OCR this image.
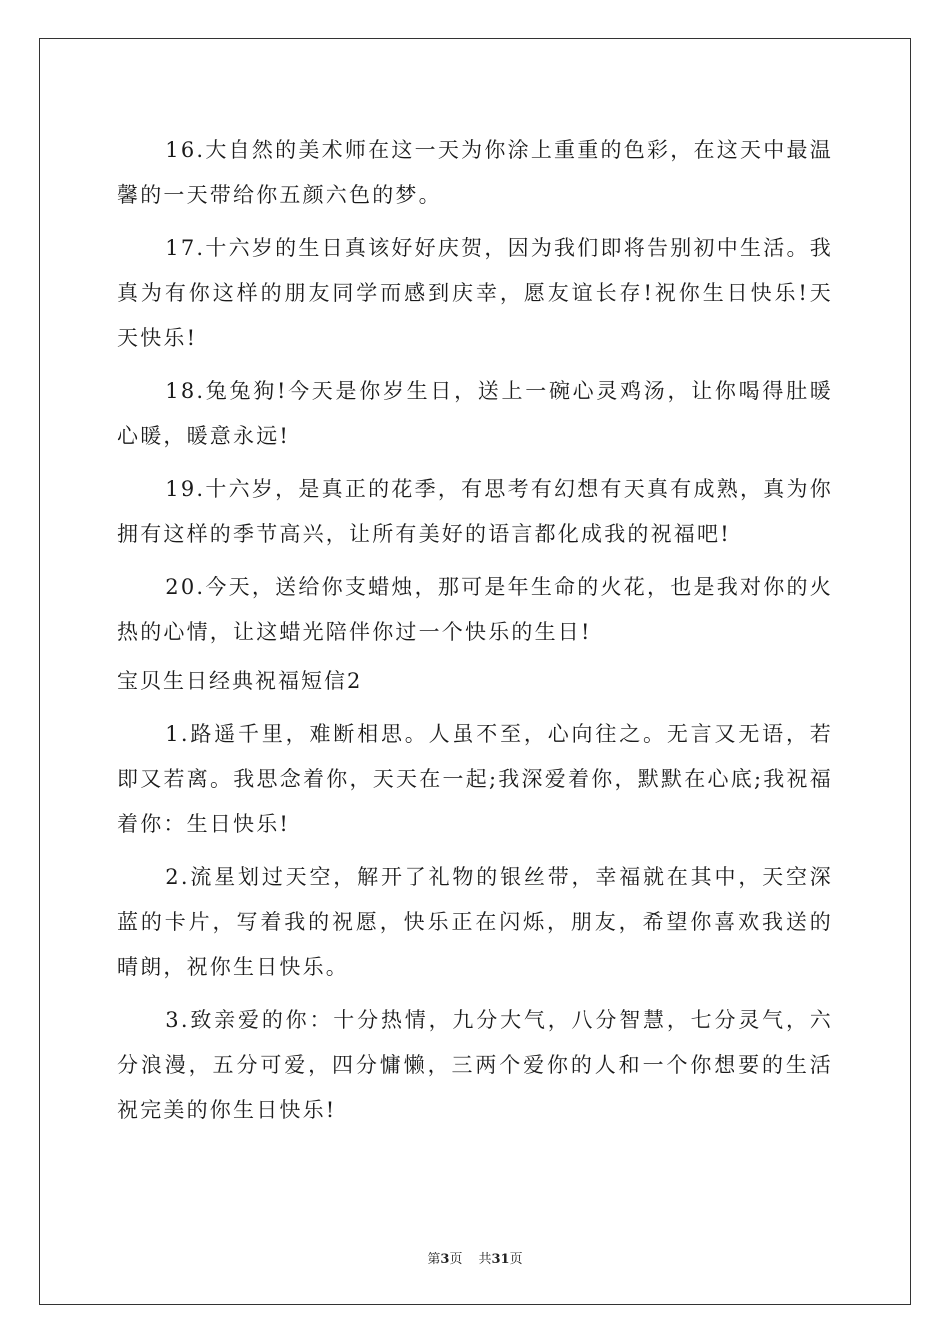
16.大自然的美术师在这一天为你涂上重重的色彩，在这天中最温馨的一天带给你五颜六色的梦。

17.十六岁的生日真该好好庆贺，因为我们即将告别初中生活。我真为有你这样的朋友同学而感到庆幸，愿友谊长存!祝你生日快乐!天天快乐!

18.兔兔狗!今天是你岁生日，送上一碗心灵鸡汤，让你喝得肚暖心暖，暖意永远!

19.十六岁，是真正的花季，有思考有幻想有天真有成熟，真为你拥有这样的季节高兴，让所有美好的语言都化成我的祝福吧!

20.今天，送给你支蜡烛，那可是年生命的火花，也是我对你的火热的心情，让这蜡光陪伴你过一个快乐的生日!

宝贝生日经典祝福短信2

1.路遥千里，难断相思。人虽不至，心向往之。无言又无语，若即又若离。我思念着你，天天在一起;我深爱着你，默默在心底;我祝福着你：生日快乐!

2.流星划过天空，解开了礼物的银丝带，幸福就在其中，天空深蓝的卡片，写着我的祝愿，快乐正在闪烁，朋友，希望你喜欢我送的晴朗，祝你生日快乐。

3.致亲爱的你：十分热情，九分大气，八分智慧，七分灵气，六分浪漫，五分可爱，四分慵懒，三两个爱你的人和一个你想要的生活祝完美的你生日快乐!

第3页 共31页
